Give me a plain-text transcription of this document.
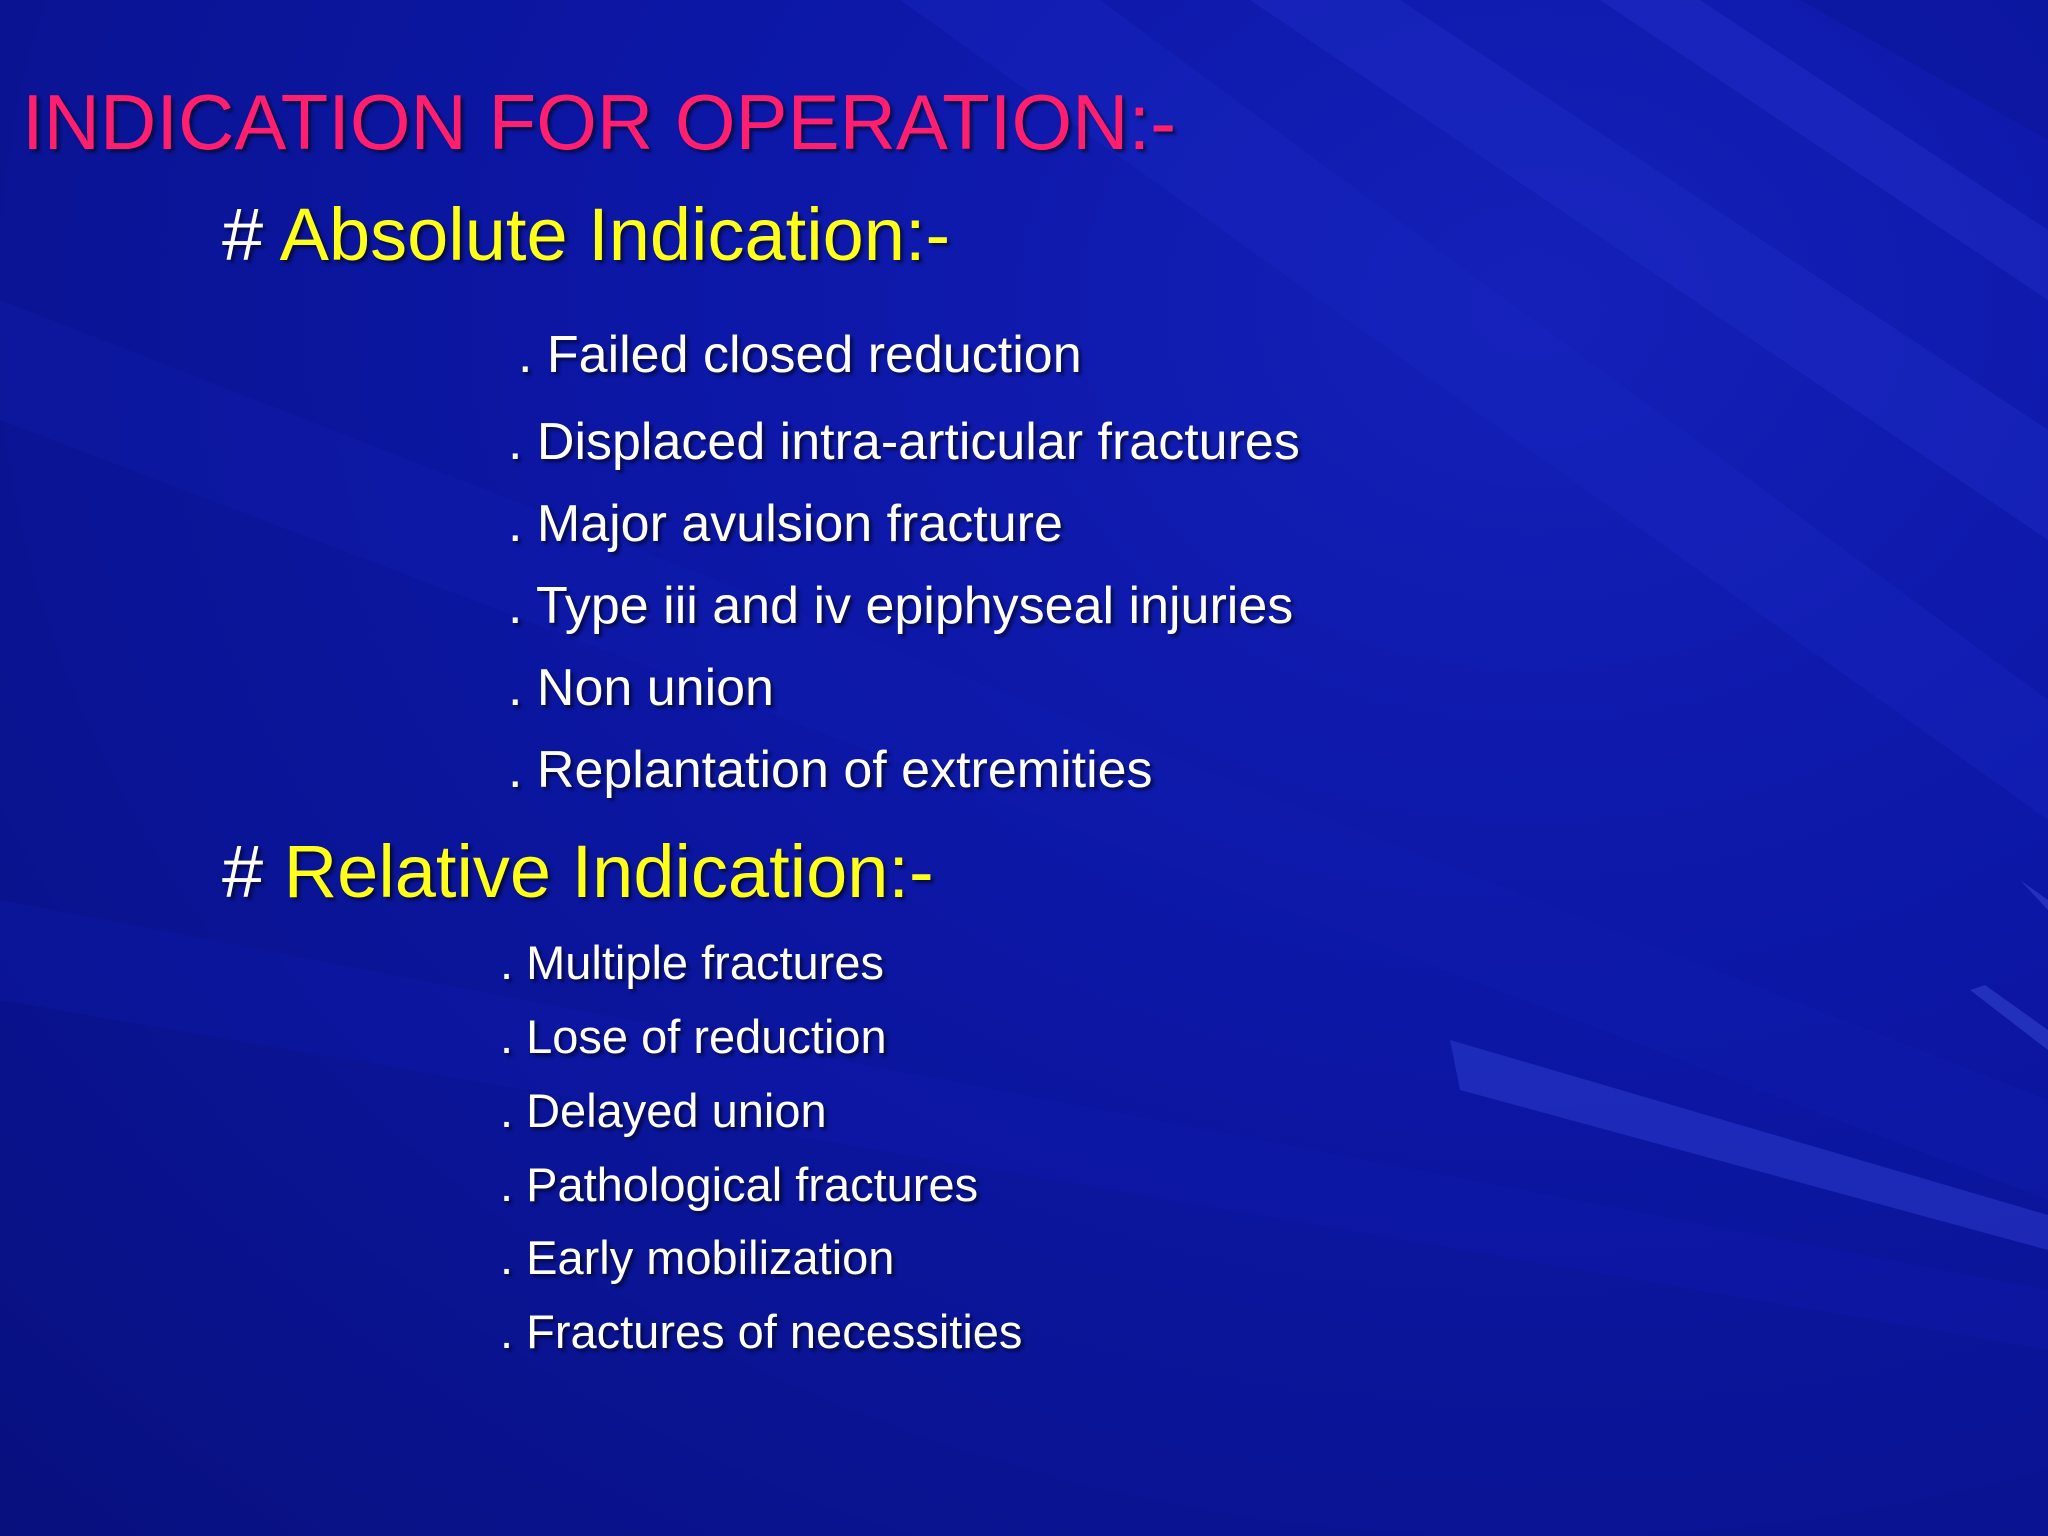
INDICATION FOR OPERATION:-
# Absolute Indication:-
. Failed closed reduction
. Displaced intra-articular fractures
. Major avulsion fracture
. Type iii and iv epiphyseal injuries
. Non union
. Replantation of extremities
# Relative Indication:-
. Multiple fractures
. Lose of reduction
. Delayed union
. Pathological fractures
. Early mobilization
. Fractures of necessities
